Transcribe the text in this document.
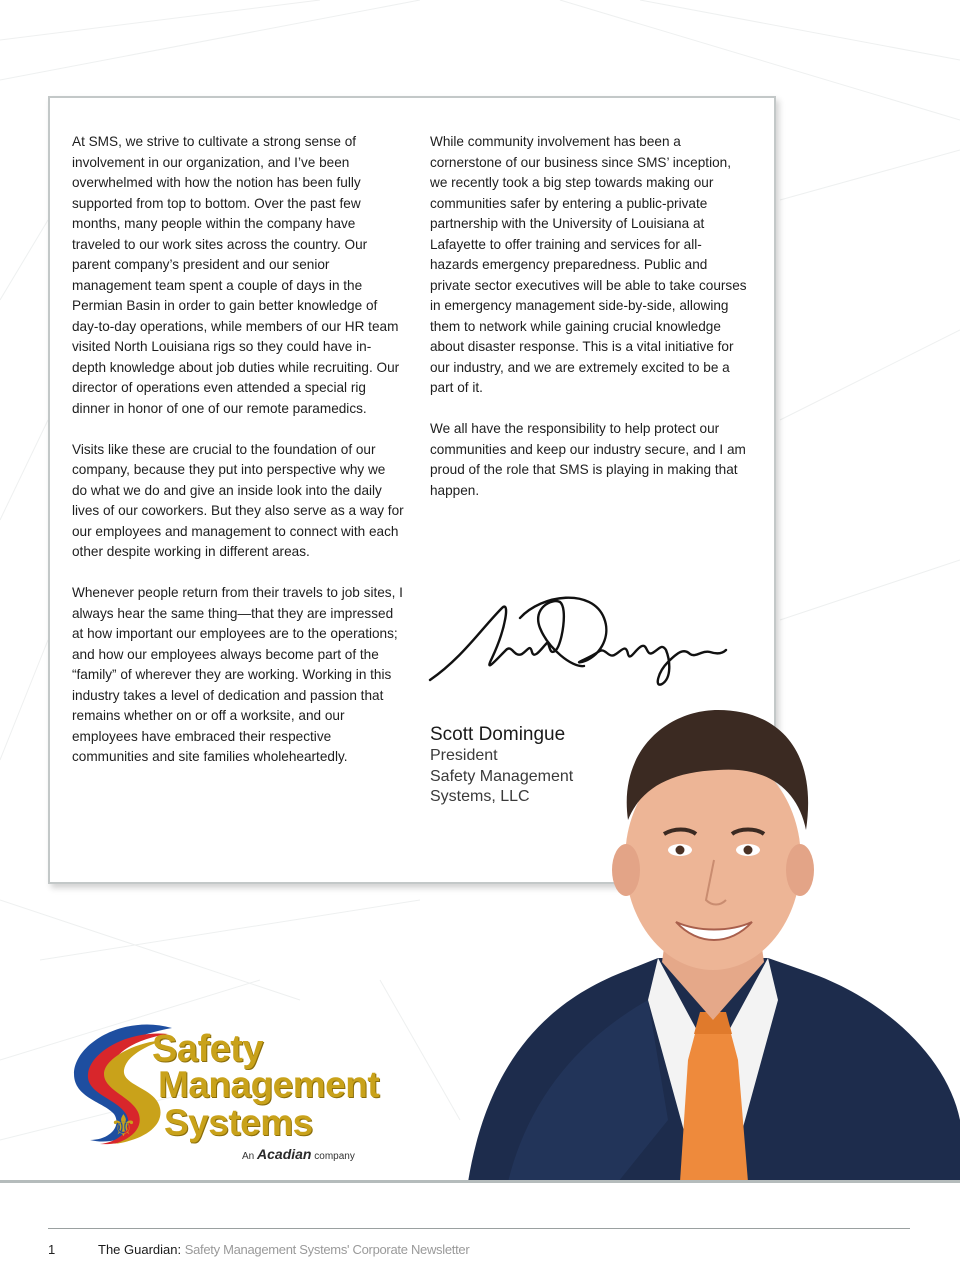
At SMS, we strive to cultivate a strong sense of involvement in our organization, and I’ve been overwhelmed with how the notion has been fully supported from top to bottom. Over the past few months, many people within the company have traveled to our work sites across the country. Our parent company’s president and our senior management team spent a couple of days in the Permian Basin in order to gain better knowledge of day-to-day operations, while members of our HR team visited North Louisiana rigs so they could have in-depth knowledge about job duties while recruiting. Our director of operations even attended a special rig dinner in honor of one of our remote paramedics.

Visits like these are crucial to the foundation of our company, because they put into perspective why we do what we do and give an inside look into the daily lives of our coworkers. But they also serve as a way for our employees and management to connect with each other despite working in different areas.

Whenever people return from their travels to job sites, I always hear the same thing—that they are impressed at how important our employees are to the operations; and how our employees always become part of the “family” of wherever they are working. Working in this industry takes a level of dedication and passion that remains whether on or off a worksite, and our employees have embraced their respective communities and site families wholeheartedly.

While community involvement has been a cornerstone of our business since SMS’ inception, we recently took a big step towards making our communities safer by entering a public-private partnership with the University of Louisiana at Lafayette to offer training and services for all-hazards emergency preparedness. Public and private sector executives will be able to take courses in emergency management side-by-side, allowing them to network while gaining crucial knowledge about disaster response. This is a vital initiative for our industry, and we are extremely excited to be a part of it.

We all have the responsibility to help protect our communities and keep our industry secure, and I am proud of the role that SMS is playing in making that happen.

Scott Domingue
President
Safety Management
Systems, LLC
⚜
Safety
Management
Systems
An Acadian company
1	The Guardian: Safety Management Systems' Corporate Newsletter
